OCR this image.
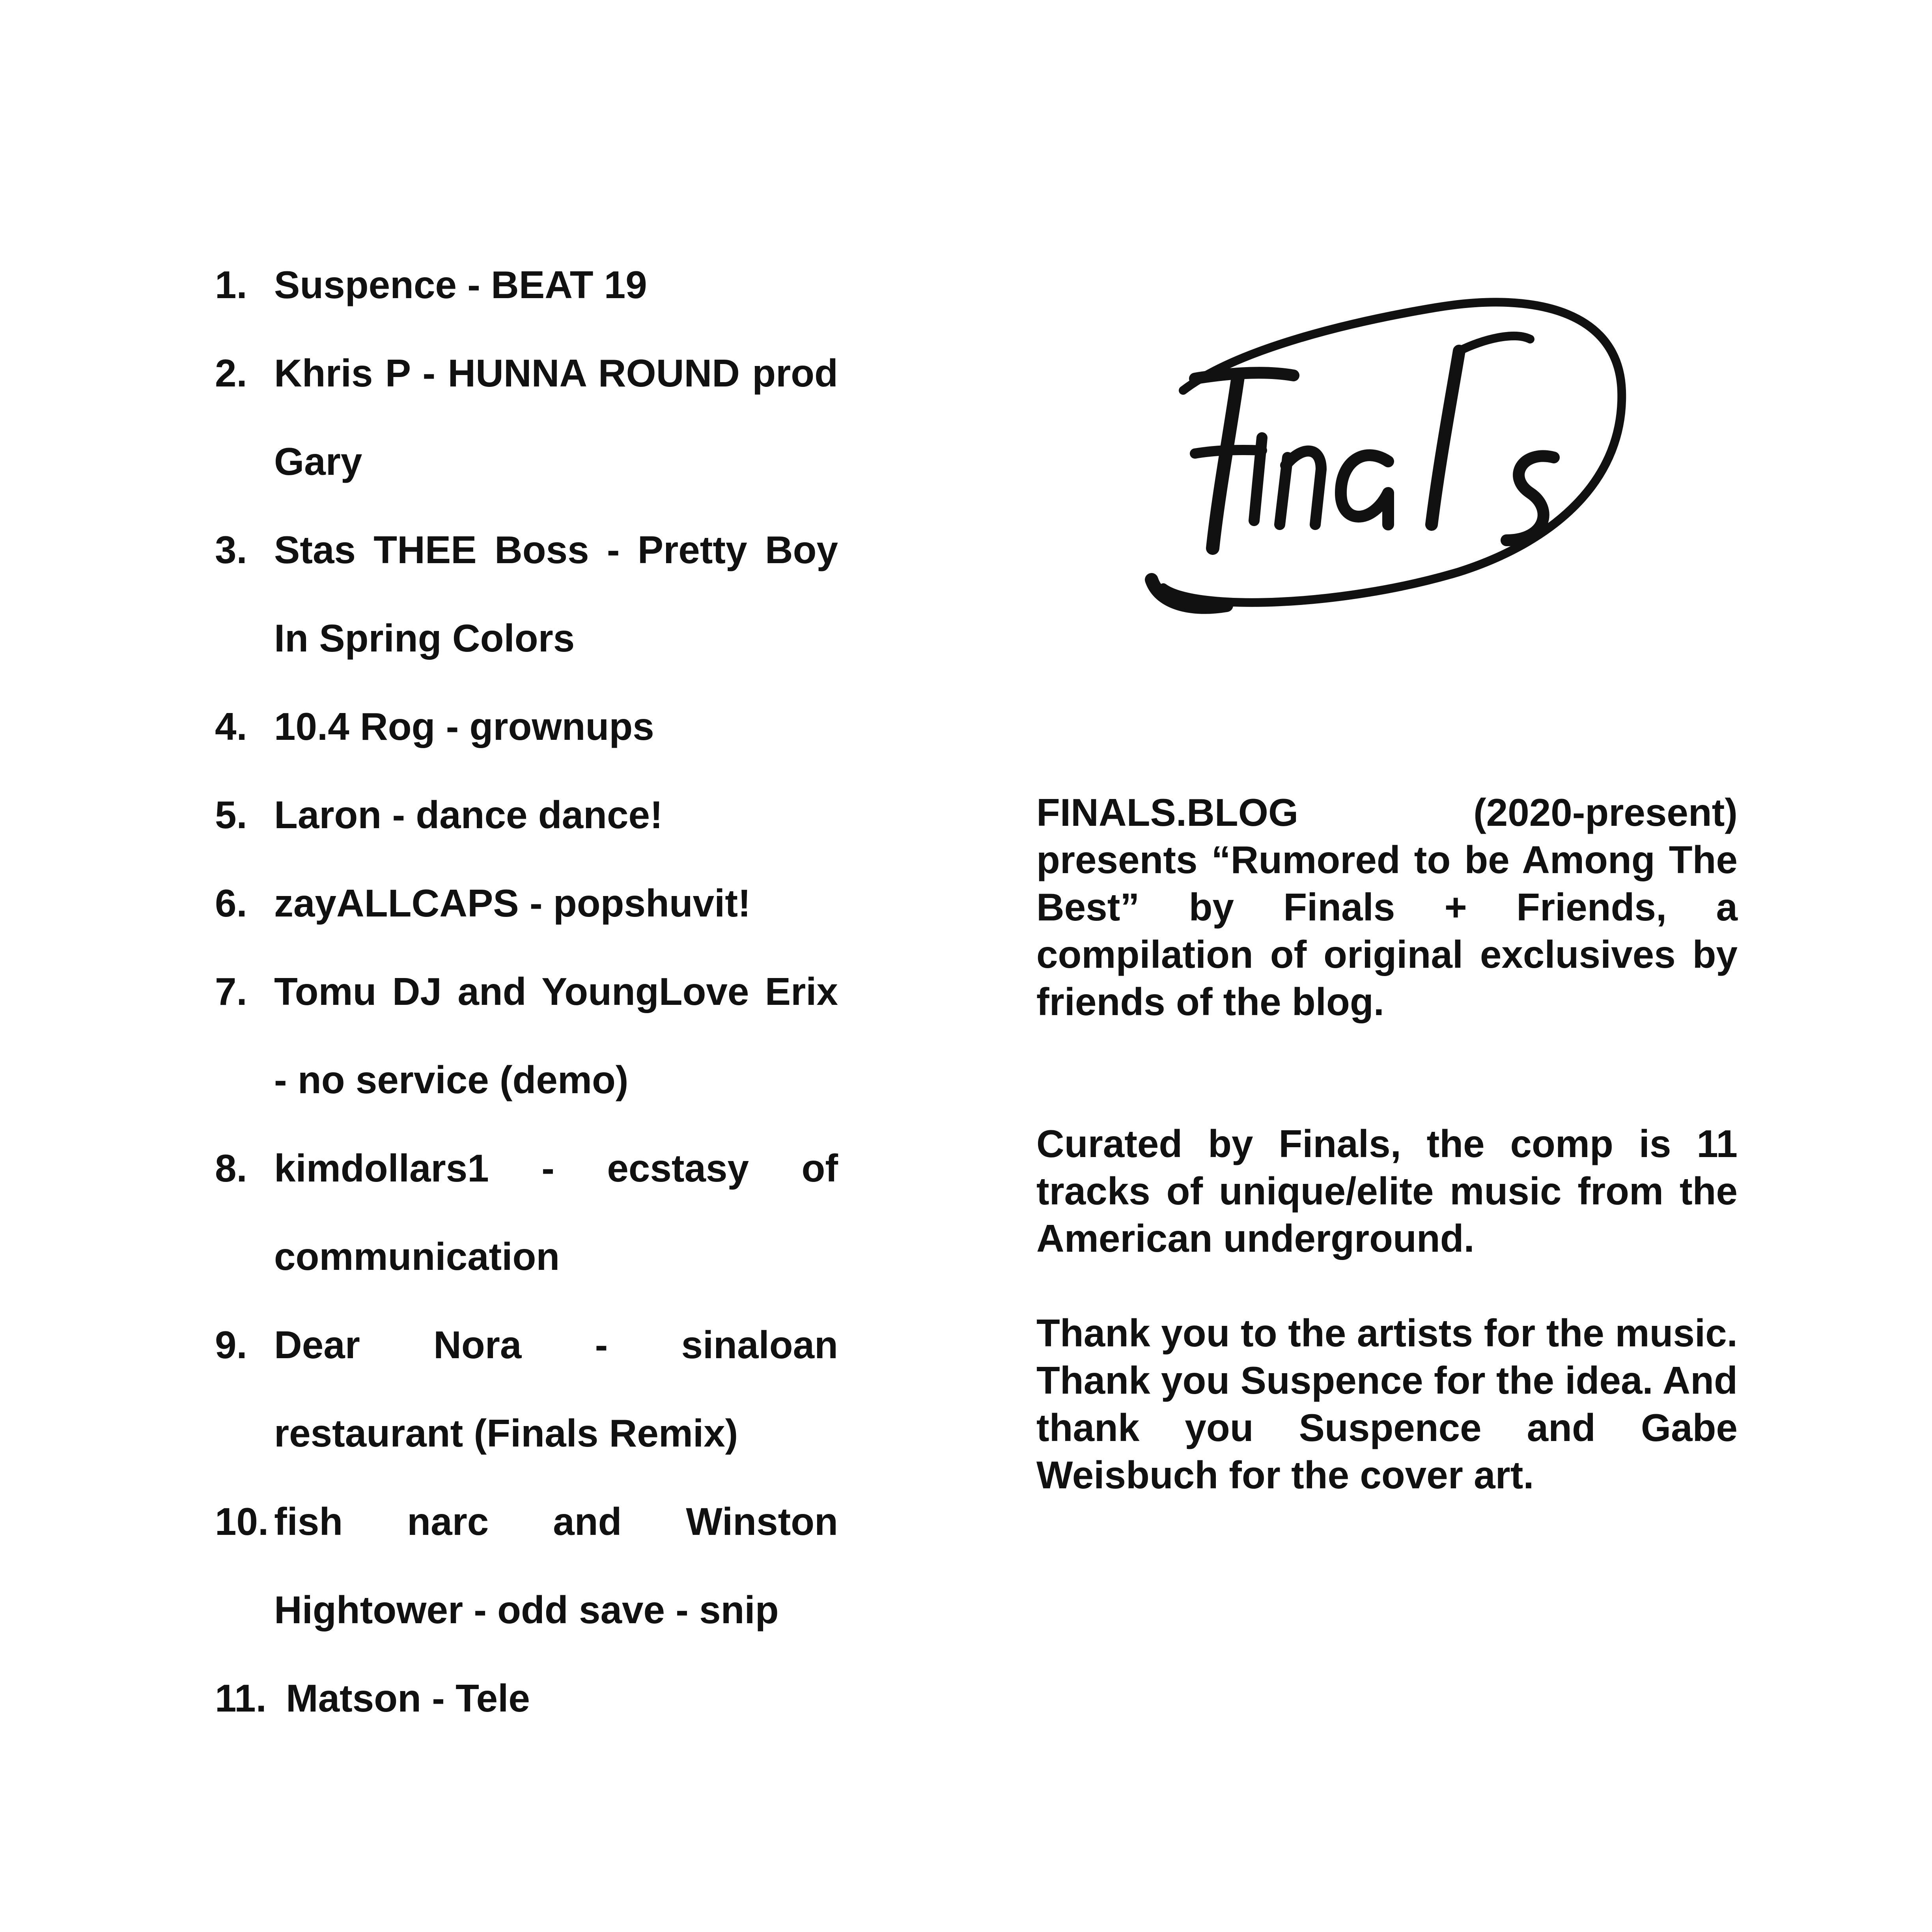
1. Suspence - BEAT 19
2. Khris P - HUNNA ROUND prod Gary
3. Stas THEE Boss - Pretty Boy In Spring Colors
4. 10.4 Rog - grownups
5. Laron - dance dance!
6. zayALLCAPS - popshuvit!
7. Tomu DJ and YoungLove Erix - no service (demo)
8. kimdollars1 - ecstasy of communication
9. Dear Nora - sinaloan restaurant (Finals Remix)
10. fish narc and Winston Hightower - odd save - snip
11. Matson - Tele

FINALS.BLOG (2020-present) presents “Rumored to be Among The Best” by Finals + Friends, a compilation of original exclusives by friends of the blog.

Curated by Finals, the comp is 11 tracks of unique/elite music from the American underground.

Thank you to the artists for the music. Thank you Suspence for the idea. And thank you Suspence and Gabe Weisbuch for the cover art.
